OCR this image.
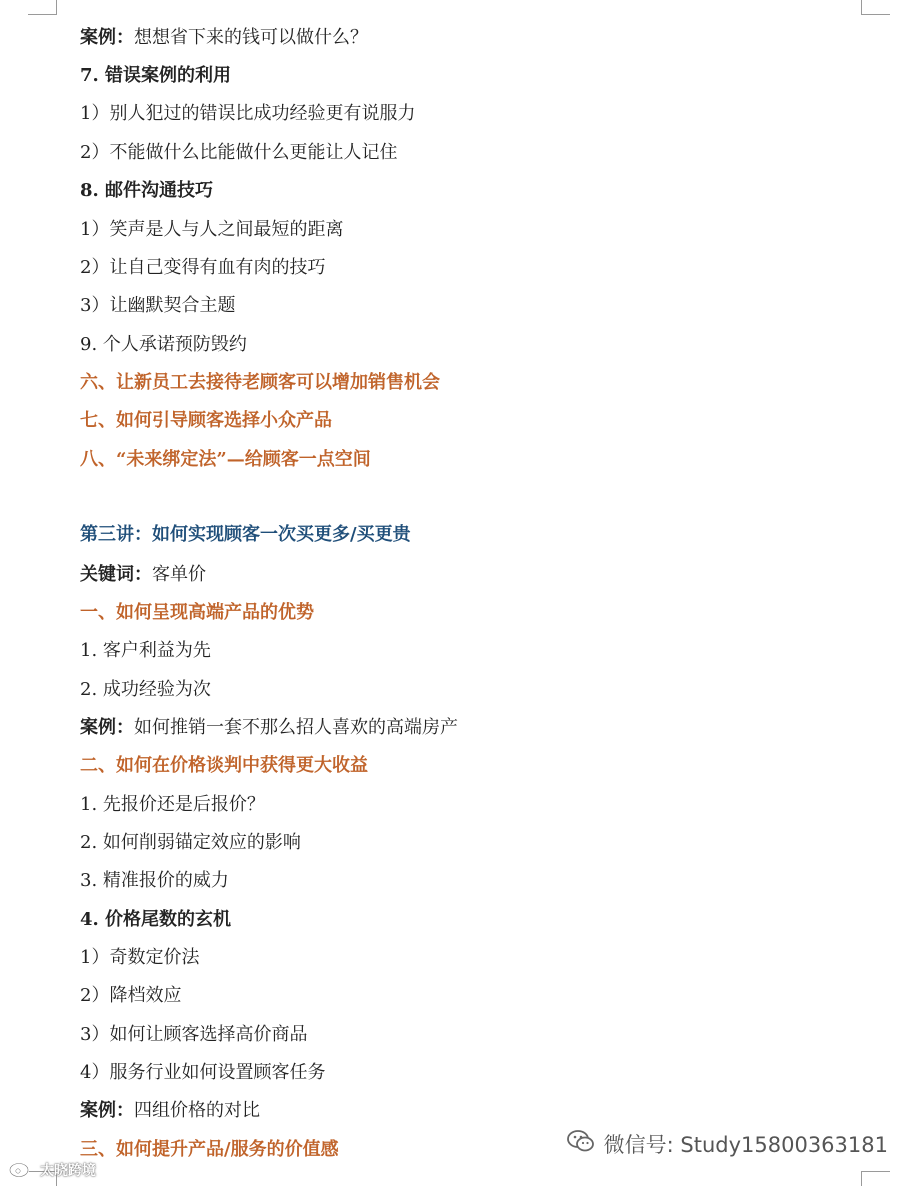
案例：想想省下来的钱可以做什么？
7. 错误案例的利用
1）别人犯过的错误比成功经验更有说服力
2）不能做什么比能做什么更能让人记住
8. 邮件沟通技巧
1）笑声是人与人之间最短的距离
2）让自己变得有血有肉的技巧
3）让幽默契合主题
9. 个人承诺预防毁约
六、让新员工去接待老顾客可以增加销售机会
七、如何引导顾客选择小众产品
八、“未来绑定法”—给顾客一点空间
第三讲：如何实现顾客一次买更多/买更贵
关键词：客单价
一、如何呈现高端产品的优势
1. 客户利益为先
2. 成功经验为次
案例：如何推销一套不那么招人喜欢的高端房产
二、如何在价格谈判中获得更大收益
1. 先报价还是后报价？
2. 如何削弱锚定效应的影响
3. 精准报价的威力
4. 价格尾数的玄机
1）奇数定价法
2）降档效应
3）如何让顾客选择高价商品
4）服务行业如何设置顾客任务
案例：四组价格的对比
三、如何提升产品/服务的价值感	微信号: Study15800363181
太晓跨境
